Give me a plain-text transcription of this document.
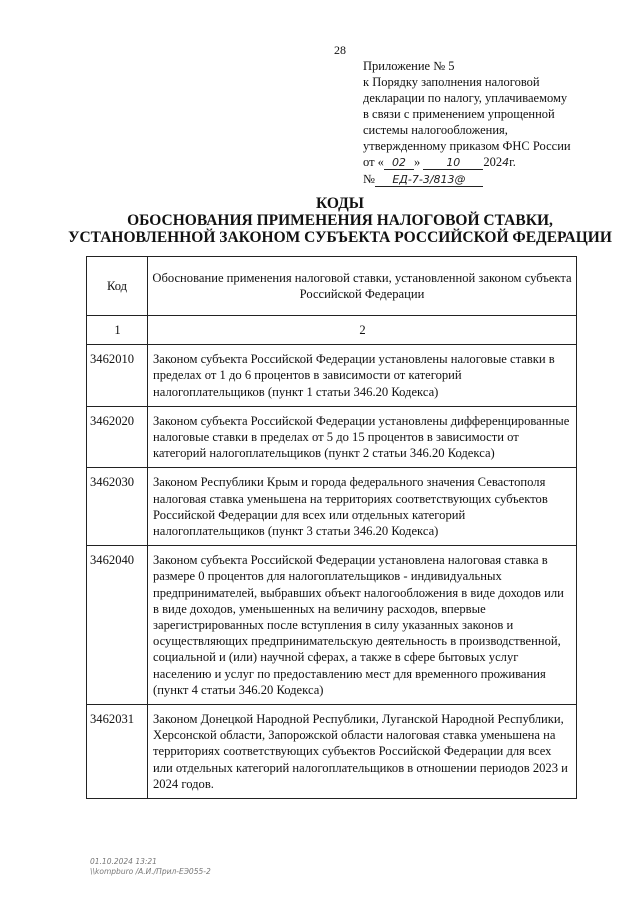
28
Приложение № 5
к Порядку заполнения налоговой
декларации по налогу, уплачиваемому
в связи с применением упрощенной
системы налогообложения,
утвержденному приказом ФНС России
от « 02 » 10 2024г.
№ ЕД-7-3/813@
КОДЫ
ОБОСНОВАНИЯ ПРИМЕНЕНИЯ НАЛОГОВОЙ СТАВКИ,
УСТАНОВЛЕННОЙ ЗАКОНОМ СУБЪЕКТА РОССИЙСКОЙ ФЕДЕРАЦИИ
Код	Обоснование применения налоговой ставки, установленной законом субъекта Российской Федерации
1	2
3462010	Законом субъекта Российской Федерации установлены налоговые ставки в пределах от 1 до 6 процентов в зависимости от категорий налогоплательщиков (пункт 1 статьи 346.20 Кодекса)
3462020	Законом субъекта Российской Федерации установлены дифференцированные налоговые ставки в пределах от 5 до 15 процентов в зависимости от категорий налогоплательщиков (пункт 2 статьи 346.20 Кодекса)
3462030	Законом Республики Крым и города федерального значения Севастополя налоговая ставка уменьшена на территориях соответствующих субъектов Российской Федерации для всех или отдельных категорий налогоплательщиков (пункт 3 статьи 346.20 Кодекса)
3462040	Законом субъекта Российской Федерации установлена налоговая ставка в размере 0 процентов для налогоплательщиков - индивидуальных предпринимателей, выбравших объект налогообложения в виде доходов или в виде доходов, уменьшенных на величину расходов, впервые зарегистрированных после вступления в силу указанных законов и осуществляющих предпринимательскую деятельность в производственной, социальной и (или) научной сферах, а также в сфере бытовых услуг населению и услуг по предоставлению мест для временного проживания (пункт 4 статьи 346.20 Кодекса)
3462031	Законом Донецкой Народной Республики, Луганской Народной Республики, Херсонской области, Запорожской области налоговая ставка уменьшена на территориях соответствующих субъектов Российской Федерации для всех или отдельных категорий налогоплательщиков в отношении периодов 2023 и 2024 годов.
01.10.2024 13:21
\\kompburo /А.И./Прил-ЕЭ055-2
